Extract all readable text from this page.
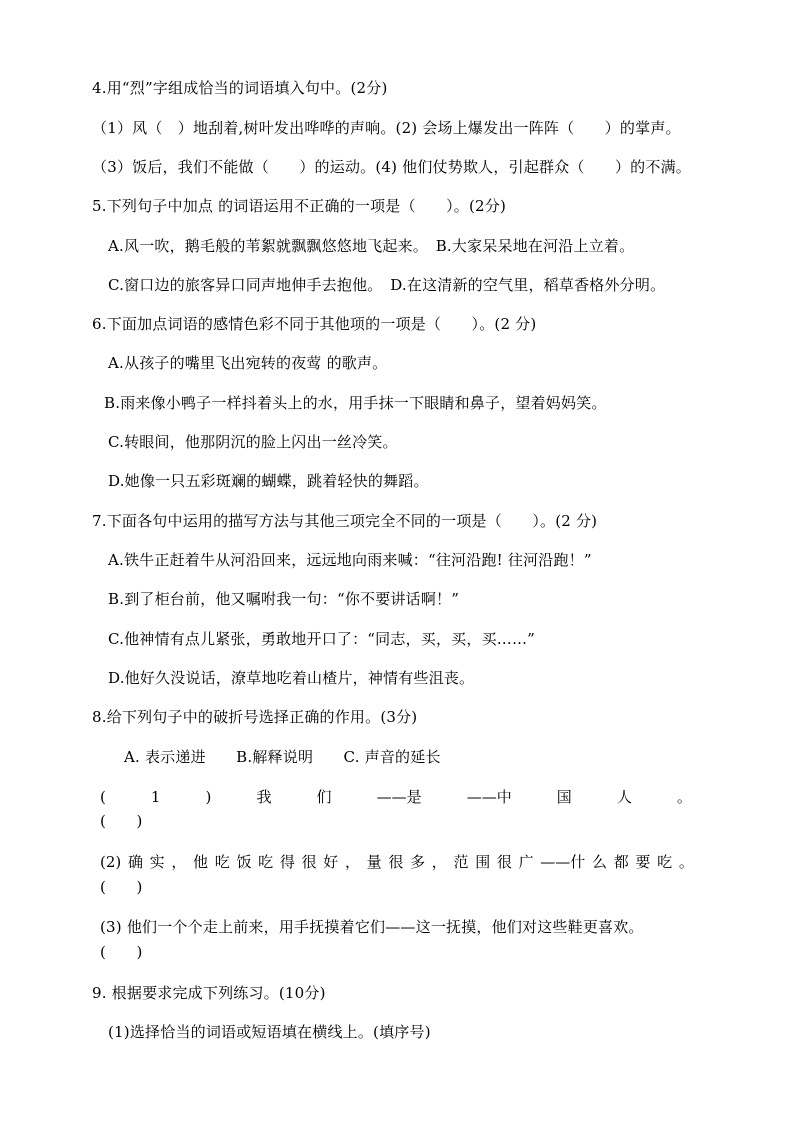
4.用“烈”字组成恰当的词语填入句中。(2分)
（1）风（　）地刮着,树叶发出哗哗的声响。(2) 会场上爆发出一阵阵（　　）的掌声。
（3）饭后，我们不能做（　　）的运动。(4) 他们仗势欺人，引起群众（　　）的不满。
5.下列句子中加点 的词语运用不正确的一项是（　　）。(2分)
A.风一吹，鹅毛般的苇絮就飘飘悠悠地飞起来。　B.大家呆呆地在河沿上立着。
C.窗口边的旅客异口同声地伸手去抱他。　D.在这清新的空气里，稻草香格外分明。
6.下面加点词语的感情色彩不同于其他项的一项是（　　）。(2 分)
A.从孩子的嘴里飞出宛转的夜莺 的歌声。
B.雨来像小鸭子一样抖着头上的水，用手抹一下眼睛和鼻子，望着妈妈笑。
C.转眼间，他那阴沉的脸上闪出一丝冷笑。
D.她像一只五彩斑斓的蝴蝶，跳着轻快的舞蹈。
7.下面各句中运用的描写方法与其他三项完全不同的一项是（　　）。(2 分)
A.铁牛正赶着牛从河沿回来，远远地向雨来喊：“往河沿跑! 往河沿跑！”
B.到了柜台前，他又嘱咐我一句：“你不要讲话啊！”
C.他神情有点儿紧张，勇敢地开口了：“同志，买，买，买……”
D.他好久没说话，潦草地吃着山楂片，神情有些沮丧。
8.给下列句子中的破折号选择正确的作用。(3分)
A. 表示递进　　B.解释说明　　C. 声音的延长
(	1	)	我	们	——是	——中	国	人	。
(　　)
(2) 确 实 ， 他 吃 饭 吃 得 很 好 ， 量 很 多 ， 范 围 很 广 ——什 么 都 要 吃 。
(　　)
(3) 他们一个个走上前来，用手抚摸着它们——这一抚摸，他们对这些鞋更喜欢。
(　　)
9. 根据要求完成下列练习。(10分)
(1)选择恰当的词语或短语填在横线上。(填序号)
